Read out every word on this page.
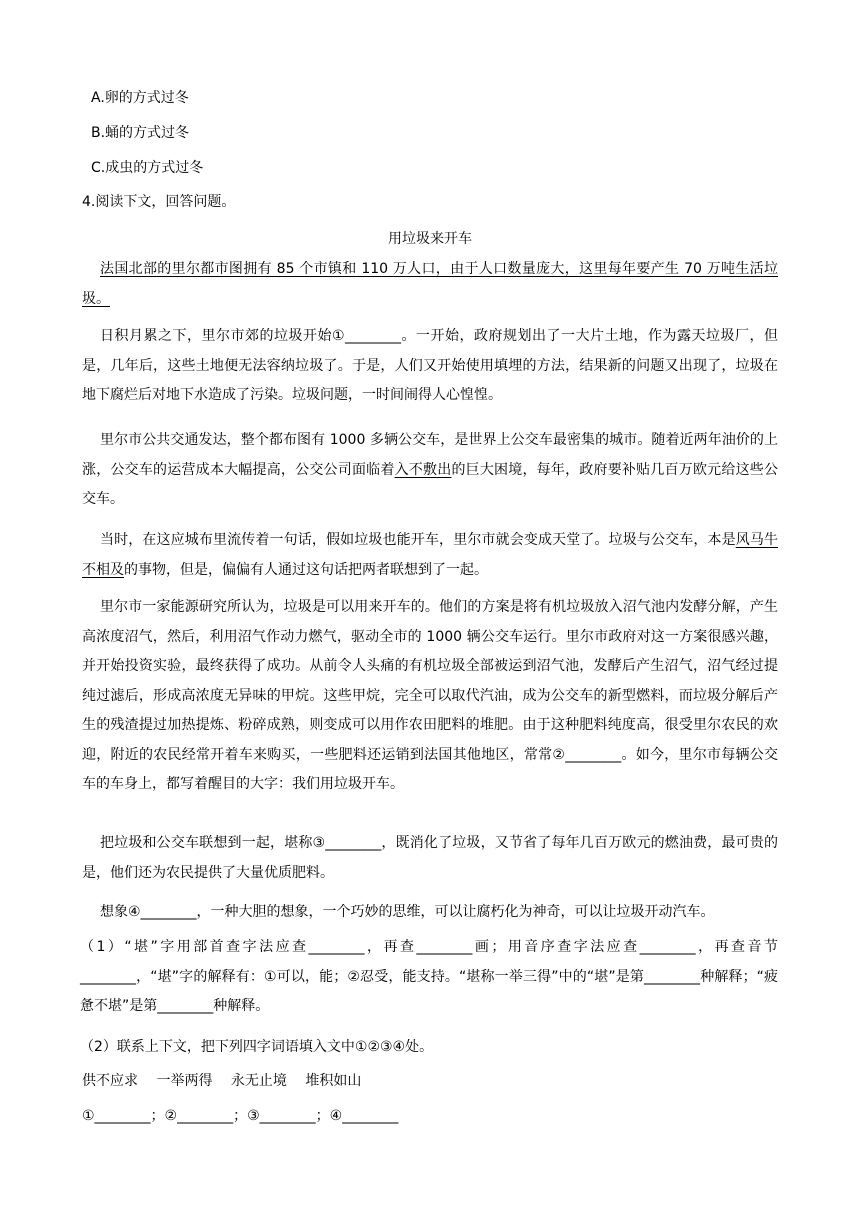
A.卵的方式过冬
B.蛹的方式过冬
C.成虫的方式过冬
4.阅读下文，回答问题。
用垃圾来开车
法国北部的里尔都市图拥有 85 个市镇和 110 万人口，由于人口数量庞大，这里每年要产生 70 万吨生活垃圾。
日积月累之下，里尔市郊的垃圾开始①________。一开始，政府规划出了一大片土地，作为露天垃圾厂，但是，几年后，这些土地便无法容纳垃圾了。于是，人们又开始使用填埋的方法，结果新的问题又出现了，垃圾在地下腐烂后对地下水造成了污染。垃圾问题，一时间闹得人心惶惶。
里尔市公共交通发达，整个都布图有 1000 多辆公交车，是世界上公交车最密集的城市。随着近两年油价的上涨，公交车的运营成本大幅提高，公交公司面临着入不敷出的巨大困境，每年，政府要补贴几百万欧元给这些公交车。
当时，在这应城布里流传着一句话，假如垃圾也能开车，里尔市就会变成天堂了。垃圾与公交车，本是风马牛不相及的事物，但是，偏偏有人通过这句话把两者联想到了一起。
里尔市一家能源研究所认为，垃圾是可以用来开车的。他们的方案是将有机垃圾放入沼气池内发酵分解，产生高浓度沼气，然后，利用沼气作动力燃气，驱动全市的 1000 辆公交车运行。里尔市政府对这一方案很感兴趣，并开始投资实验，最终获得了成功。从前令人头痛的有机垃圾全部被运到沼气池，发酵后产生沼气，沼气经过提纯过滤后，形成高浓度无异味的甲烷。这些甲烷，完全可以取代汽油，成为公交车的新型燃料，而垃圾分解后产生的残渣提过加热提炼、粉碎成熟，则变成可以用作农田肥料的堆肥。由于这种肥料纯度高，很受里尔农民的欢迎，附近的农民经常开着车来购买，一些肥料还运销到法国其他地区，常常②________。如今，里尔市每辆公交车的车身上，都写着醒目的大字：我们用垃圾开车。
把垃圾和公交车联想到一起，堪称③________，既消化了垃圾，又节省了每年几百万欧元的燃油费，最可贵的是，他们还为农民提供了大量优质肥料。
想象④________，一种大胆的想象，一个巧妙的思维，可以让腐朽化为神奇，可以让垃圾开动汽车。
（1）“堪”字用部首查字法应查________，再查________画；用音序查字法应查________，再查音节________，“堪”字的解释有：①可以，能；②忍受，能支持。“堪称一举三得”中的“堪”是第________种解释；“疲惫不堪”是第________种解释。
（2）联系上下文，把下列四字词语填入文中①②③④处。
供不应求　 一举两得　 永无止境　 堆积如山
①________；②________；③________；④________
